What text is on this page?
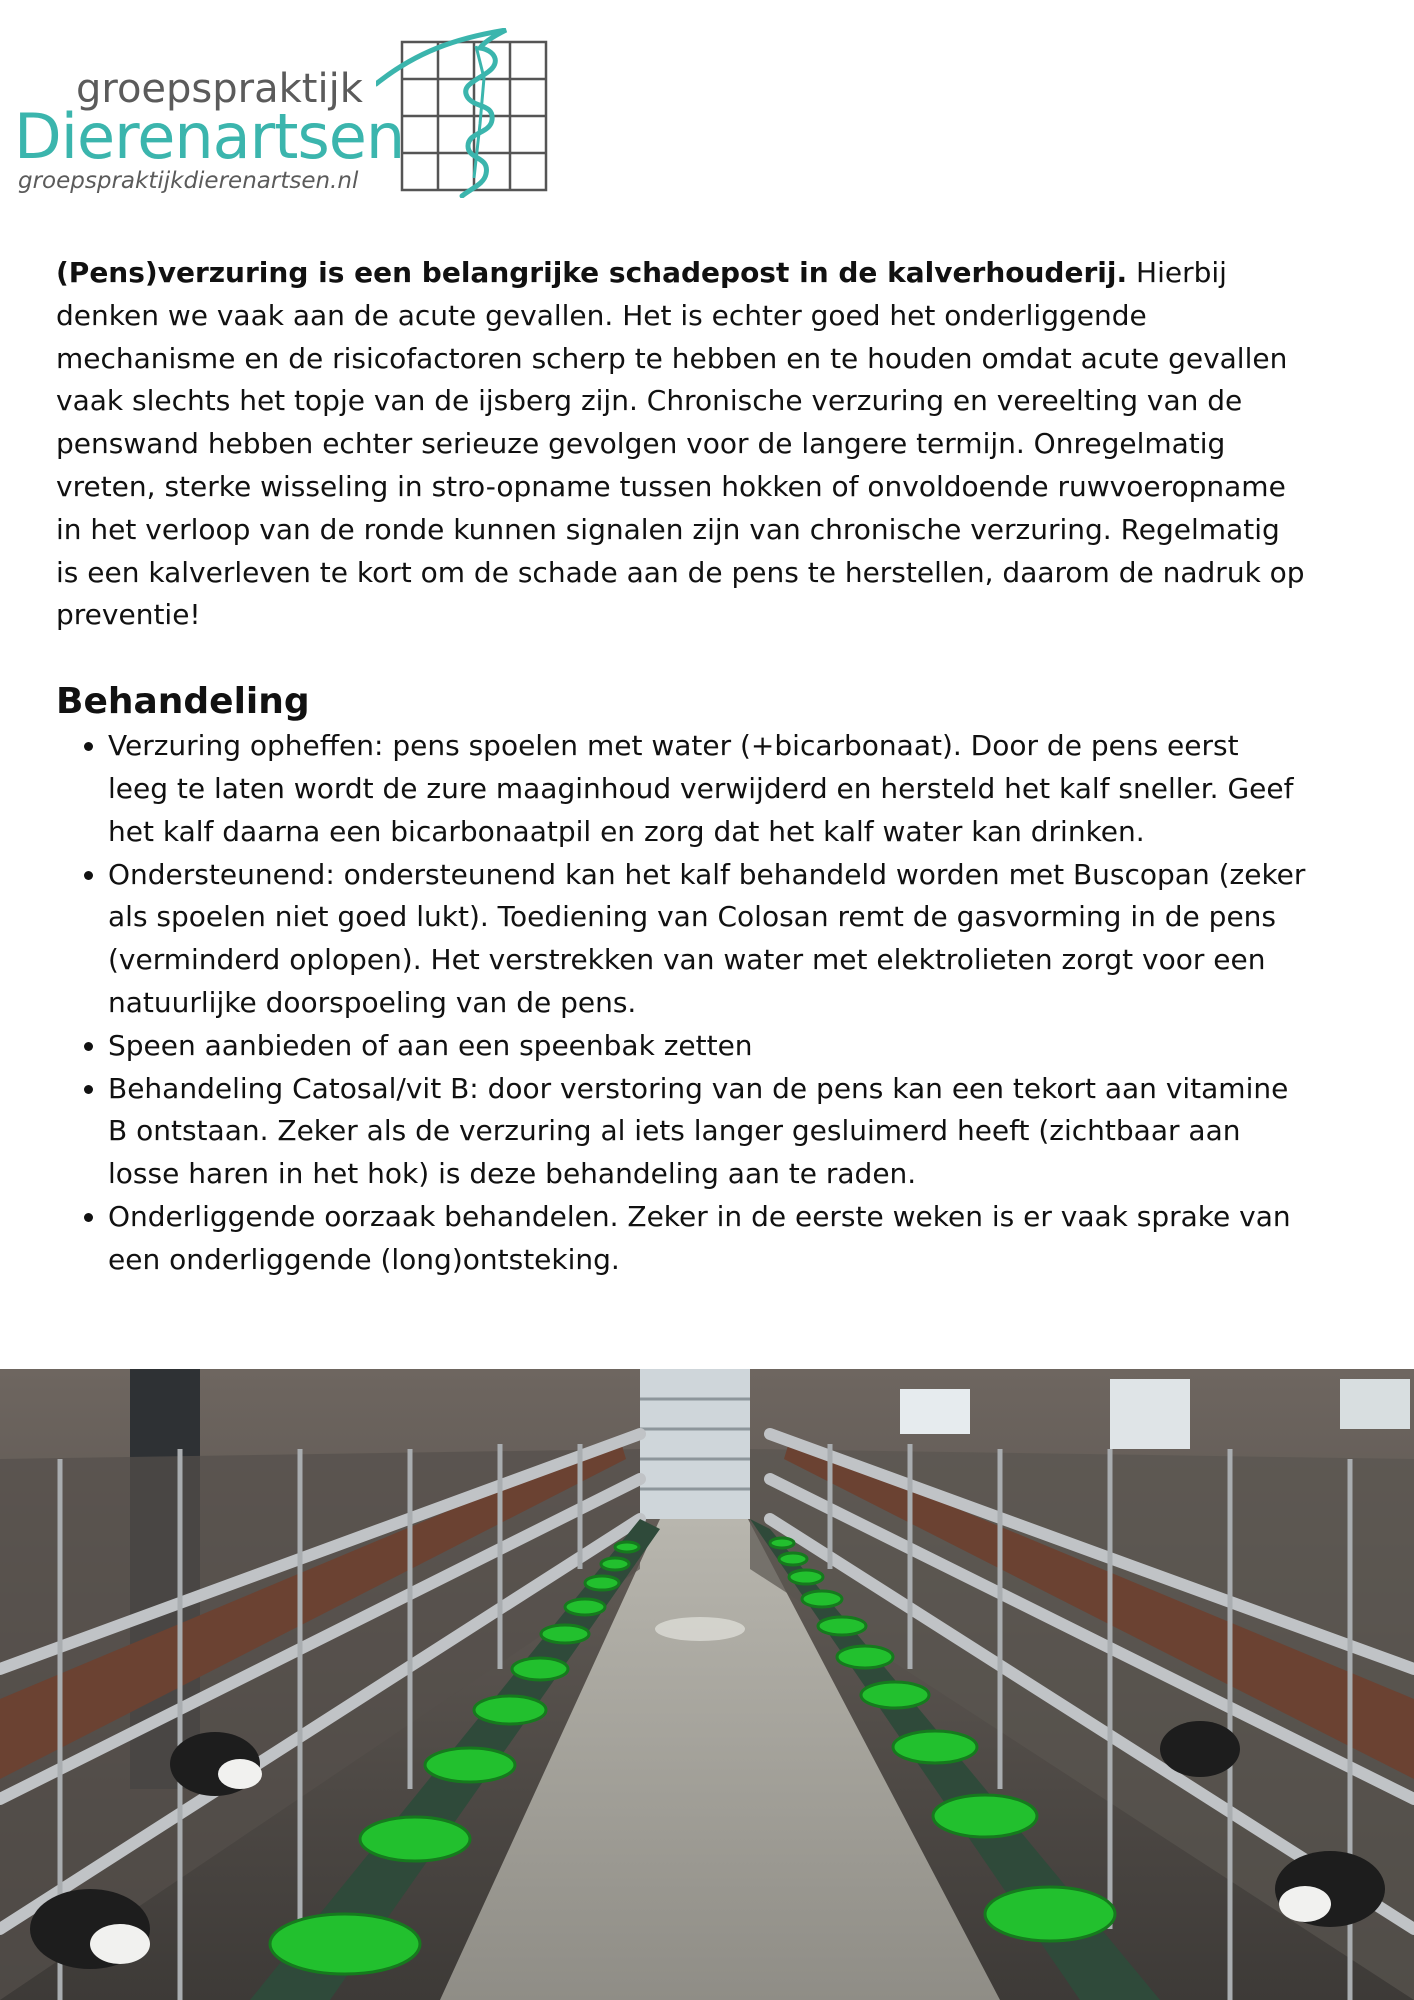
groepspraktijk
Dierenartsen
groepspraktijkdierenartsen.nl

(Pens)verzuring is een belangrijke schadepost in de kalverhouderij. Hierbij denken we vaak aan de acute gevallen. Het is echter goed het onderliggende mechanisme en de risicofactoren scherp te hebben en te houden omdat acute gevallen vaak slechts het topje van de ijsberg zijn. Chronische verzuring en vereelting van de penswand hebben echter serieuze gevolgen voor de langere termijn. Onregelmatig vreten, sterke wisseling in stro-opname tussen hokken of onvoldoende ruwvoeropname in het verloop van de ronde kunnen signalen zijn van chronische verzuring. Regelmatig is een kalverleven te kort om de schade aan de pens te herstellen, daarom de nadruk op preventie!

Behandeling
• Verzuring opheffen: pens spoelen met water (+bicarbonaat). Door de pens eerst leeg te laten wordt de zure maaginhoud verwijderd en hersteld het kalf sneller. Geef het kalf daarna een bicarbonaatpil en zorg dat het kalf water kan drinken.
• Ondersteunend: ondersteunend kan het kalf behandeld worden met Buscopan (zeker als spoelen niet goed lukt). Toediening van Colosan remt de gasvorming in de pens (verminderd oplopen). Het verstrekken van water met elektrolieten zorgt voor een natuurlijke doorspoeling van de pens.
• Speen aanbieden of aan een speenbak zetten
• Behandeling Catosal/vit B: door verstoring van de pens kan een tekort aan vitamine B ontstaan. Zeker als de verzuring al iets langer gesluimerd heeft (zichtbaar aan losse haren in het hok) is deze behandeling aan te raden.
• Onderliggende oorzaak behandelen. Zeker in de eerste weken is er vaak sprake van een onderliggende (long)ontsteking.
